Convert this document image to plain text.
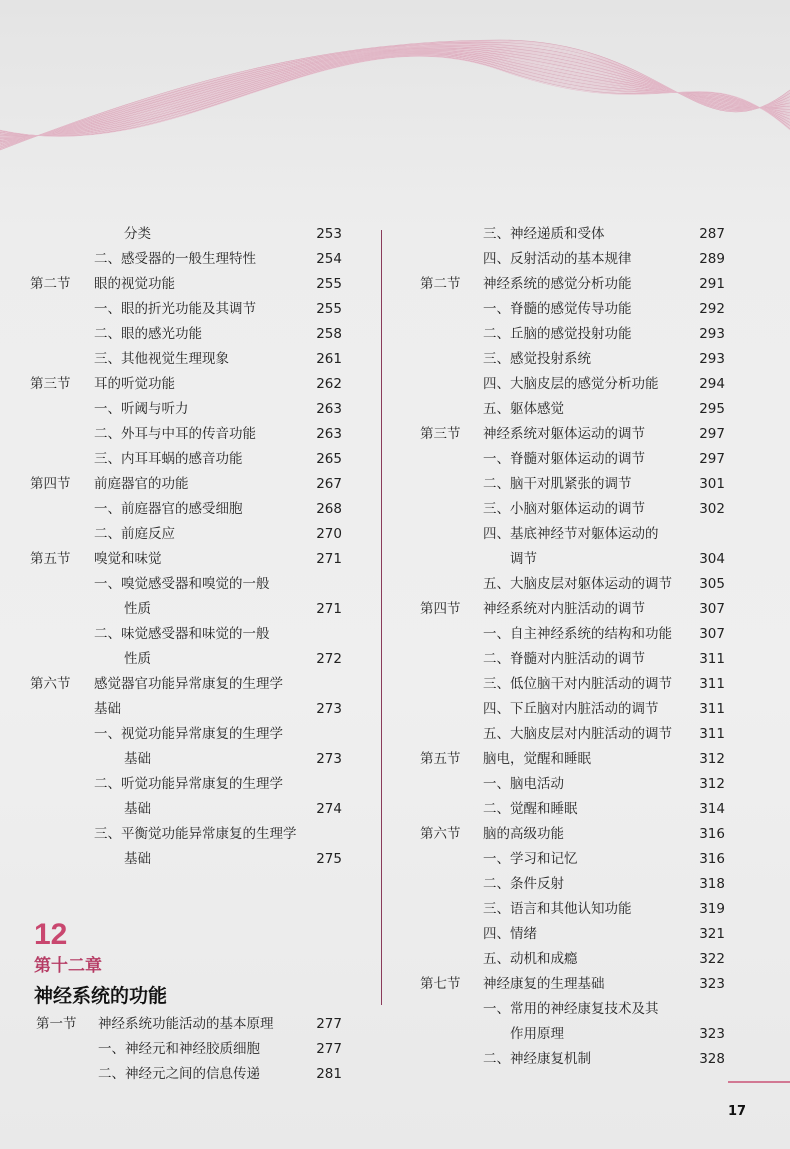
分类	253
二、感受器的一般生理特性	254
第二节 眼的视觉功能	255
一、眼的折光功能及其调节	255
二、眼的感光功能	258
三、其他视觉生理现象	261
第三节 耳的听觉功能	262
一、听阈与听力	263
二、外耳与中耳的传音功能	263
三、内耳耳蜗的感音功能	265
第四节 前庭器官的功能	267
一、前庭器官的感受细胞	268
二、前庭反应	270
第五节 嗅觉和味觉	271
一、嗅觉感受器和嗅觉的一般
性质	271
二、味觉感受器和味觉的一般
性质	272
第六节 感觉器官功能异常康复的生理学
基础	273
一、视觉功能异常康复的生理学
基础	273
二、听觉功能异常康复的生理学
基础	274
三、平衡觉功能异常康复的生理学
基础	275
三、神经递质和受体	287
四、反射活动的基本规律	289
第二节 神经系统的感觉分析功能	291
一、脊髓的感觉传导功能	292
二、丘脑的感觉投射功能	293
三、感觉投射系统	293
四、大脑皮层的感觉分析功能	294
五、躯体感觉	295
第三节 神经系统对躯体运动的调节	297
一、脊髓对躯体运动的调节	297
二、脑干对肌紧张的调节	301
三、小脑对躯体运动的调节	302
四、基底神经节对躯体运动的
调节	304
五、大脑皮层对躯体运动的调节 305
第四节 神经系统对内脏活动的调节	307
一、自主神经系统的结构和功能 307
二、脊髓对内脏活动的调节	311
三、低位脑干对内脏活动的调节 311
四、下丘脑对内脏活动的调节	311
五、大脑皮层对内脏活动的调节 311
第五节 脑电，觉醒和睡眠	312
一、脑电活动	312
二、觉醒和睡眠	314
第六节 脑的高级功能	316
一、学习和记忆	316
二、条件反射	318
三、语言和其他认知功能	319
四、情绪	321
五、动机和成瘾	322
第七节 神经康复的生理基础	323
一、常用的神经康复技术及其
作用原理	323
二、神经康复机制	328
12
第十二章
神经系统的功能
第一节 神经系统功能活动的基本原理	277
一、神经元和神经胶质细胞	277
二、神经元之间的信息传递	281
17
